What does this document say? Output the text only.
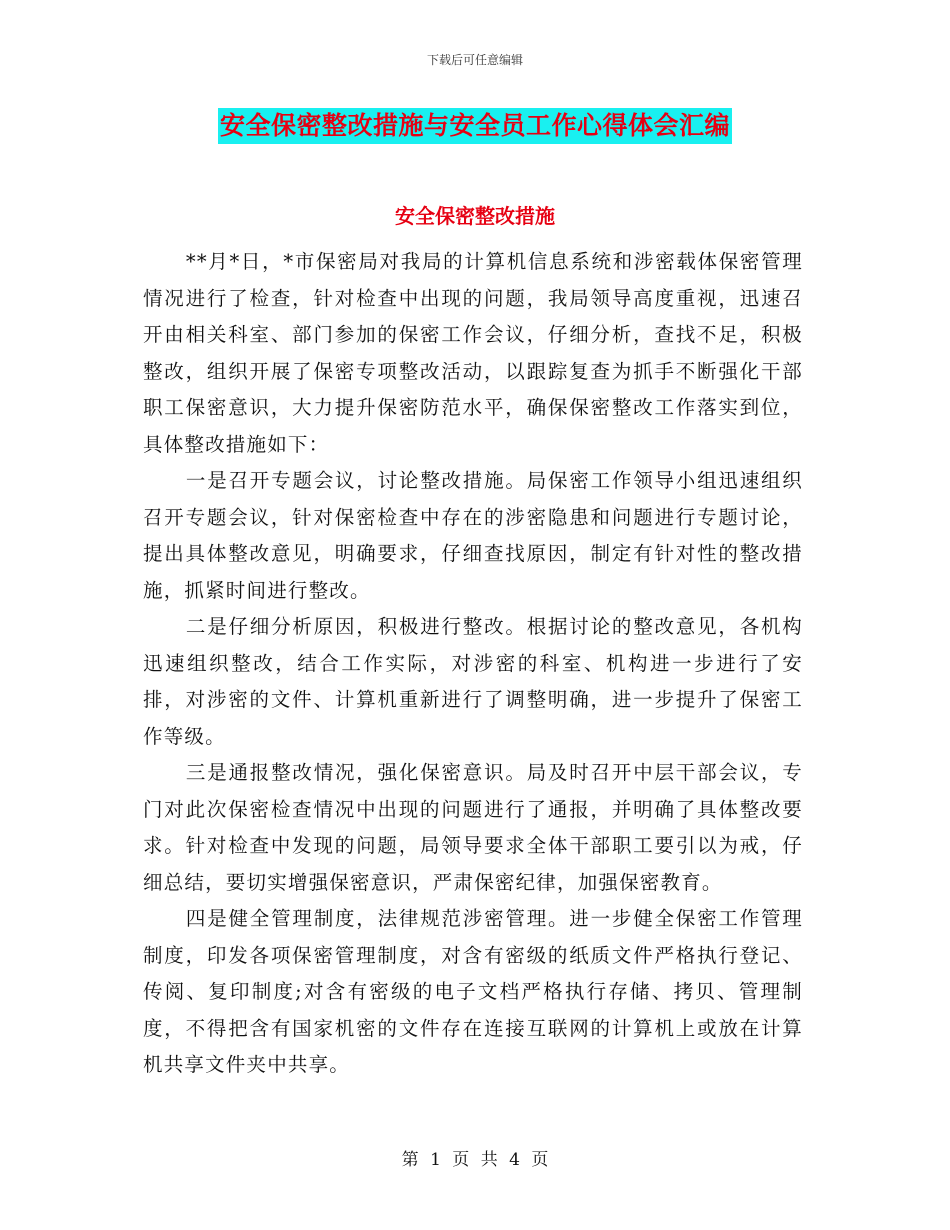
下载后可任意编辑
安全保密整改措施与安全员工作心得体会汇编
安全保密整改措施

**月*日，*市保密局对我局的计算机信息系统和涉密载体保密管理情况进行了检查，针对检查中出现的问题，我局领导高度重视，迅速召开由相关科室、部门参加的保密工作会议，仔细分析，查找不足，积极整改，组织开展了保密专项整改活动，以跟踪复查为抓手不断强化干部职工保密意识，大力提升保密防范水平，确保保密整改工作落实到位，具体整改措施如下：

一是召开专题会议，讨论整改措施。局保密工作领导小组迅速组织召开专题会议，针对保密检查中存在的涉密隐患和问题进行专题讨论，提出具体整改意见，明确要求，仔细查找原因，制定有针对性的整改措施，抓紧时间进行整改。

二是仔细分析原因，积极进行整改。根据讨论的整改意见，各机构迅速组织整改，结合工作实际，对涉密的科室、机构进一步进行了安排，对涉密的文件、计算机重新进行了调整明确，进一步提升了保密工作等级。

三是通报整改情况，强化保密意识。局及时召开中层干部会议，专门对此次保密检查情况中出现的问题进行了通报，并明确了具体整改要求。针对检查中发现的问题，局领导要求全体干部职工要引以为戒，仔细总结，要切实增强保密意识，严肃保密纪律，加强保密教育。

四是健全管理制度，法律规范涉密管理。进一步健全保密工作管理制度，印发各项保密管理制度，对含有密级的纸质文件严格执行登记、传阅、复印制度;对含有密级的电子文档严格执行存储、拷贝、管理制度，不得把含有国家机密的文件存在连接互联网的计算机上或放在计算机共享文件夹中共享。

第 1 页 共 4 页
